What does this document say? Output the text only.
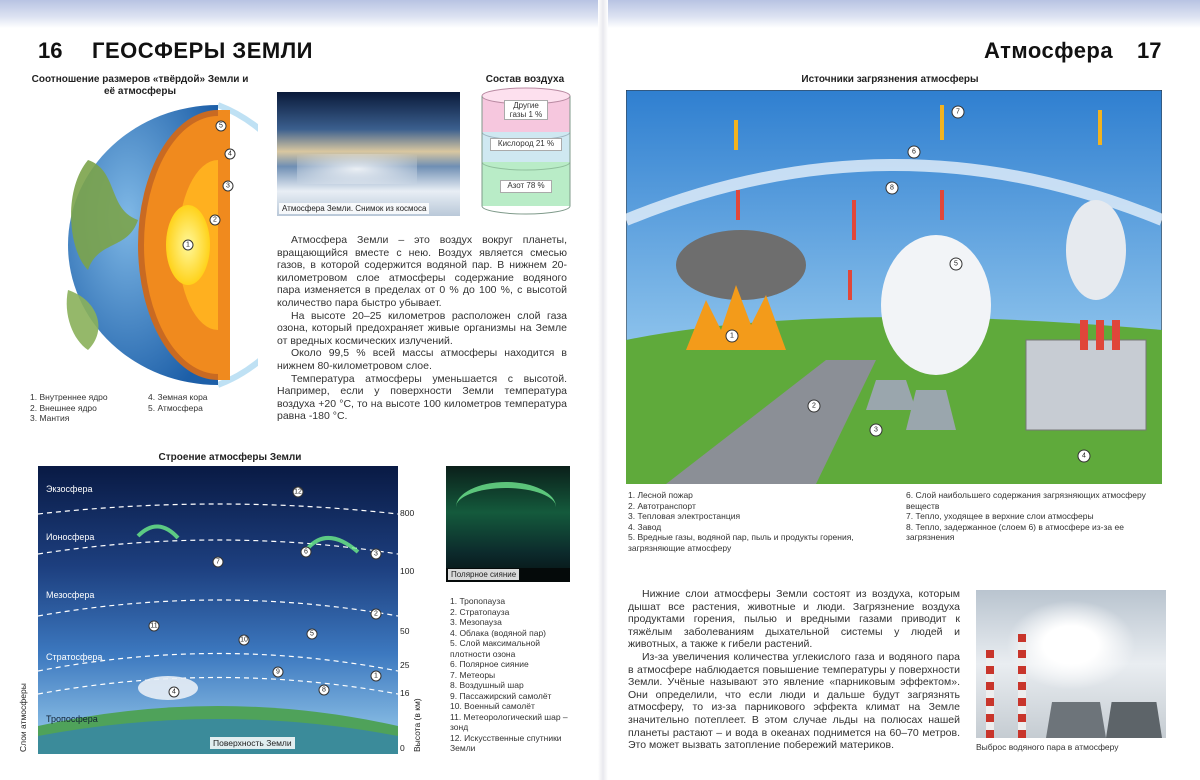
16 ГЕОСФЕРЫ ЗЕМЛИ	Атмосфера 17
Соотношение размеров «твёрдой» Земли и её атмосферы
1
2
3
4
5
1. Внутреннее ядро
2. Внешнее ядро
3. Мантия
4. Земная кора
5. Атмосфера
Атмосфера Земли. Снимок из космоса
Состав воздуха
Другие газы 1 %
Кислород 21 %
Азот 78 %

Атмосфера Земли – это воздух вокруг планеты, вращающийся вместе с нею. Воздух является смесью газов, в которой содержится водяной пар. В нижнем 20-километровом слое атмосферы содержание водяного пара изменяется в пределах от 0 % до 100 %, с высотой количество пара быстро убывает.

На высоте 20–25 километров расположен слой газа озона, который предохраняет живые организмы на Земле от вредных космических излучений.

Около 99,5 % всей массы атмосферы находится в нижнем 80-километровом слое.

Температура атмосферы уменьшается с высотой. Например, если у поверхности Земли температура воздуха +20 °С, то на высоте 100 километров температура равна -180 °С.

Строение атмосферы Земли
1
2
3
4
5
6
7
8
9
10
11
12
Экзосфера
Ионосфера
Мезосфера
Стратосфера
Тропосфера
Поверхность Земли
Слои атмосферы	Высота (в км)
800
100
50
25
16
0
Полярное сияние
1. Тропопауза
2. Стратопауза
3. Мезопауза
4. Облака (водяной пар)
5. Слой максимальной плотности озона
6. Полярное сияние
7. Метеоры
8. Воздушный шар
9. Пассажирский самолёт
10. Военный самолёт
11. Метеорологический шар – зонд
12. Искусственные спутники Земли
Источники загрязнения атмосферы
1
2
3
4
5
6
7
8
1. Лесной пожар
2. Автотранспорт
3. Тепловая электростанция
4. Завод
5. Вредные газы, водяной пар, пыль и продукты горения, загрязняющие атмосферу
6. Слой наибольшего содержания загрязняющих атмосферу веществ
7. Тепло, уходящее в верхние слои атмосферы
8. Тепло, задержанное (слоем 6) в атмосфере из-за ее загрязнения

Нижние слои атмосферы Земли состоят из воздуха, которым дышат все растения, животные и люди. Загрязнение воздуха продуктами горения, пылью и вредными газами приводит к тяжёлым заболеваниям дыхательной системы у людей и животных, а также к гибели растений.

Из-за увеличения количества углекислого газа и водяного пара в атмосфере наблюдается повышение температуры у поверхности Земли. Учёные называют это явление «парниковым эффектом». Они определили, что если люди и дальше будут загрязнять атмосферу, то из-за парникового эффекта климат на Земле значительно потеплеет. В этом случае льды на полюсах нашей планеты растают – и вода в океанах поднимется на 60–70 метров. Это может вызвать затопление побережий материков.	Выброс водяного пара в атмосферу
